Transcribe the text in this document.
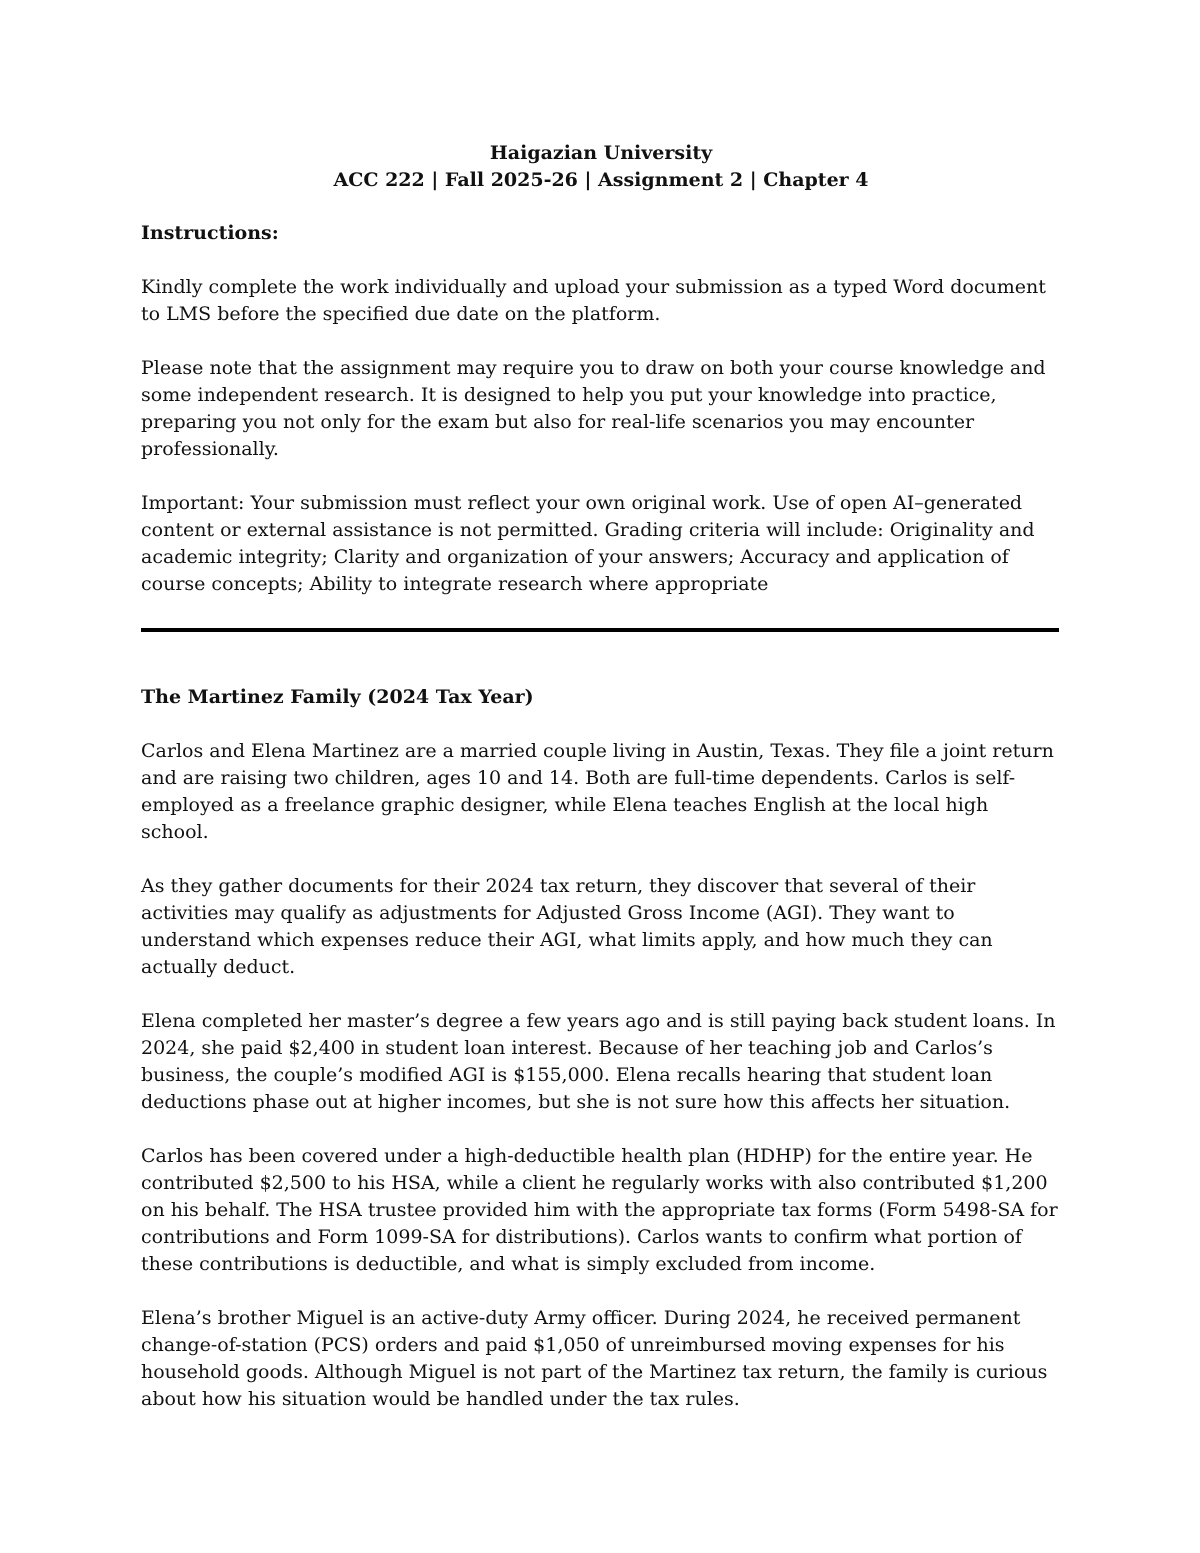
Haigazian University
ACC 222 | Fall 2025-26 | Assignment 2 | Chapter 4

Instructions:

Kindly complete the work individually and upload your submission as a typed Word document to LMS before the specified due date on the platform.

Please note that the assignment may require you to draw on both your course knowledge and some independent research. It is designed to help you put your knowledge into practice, preparing you not only for the exam but also for real-life scenarios you may encounter professionally.

Important: Your submission must reflect your own original work. Use of open AI–generated content or external assistance is not permitted. Grading criteria will include: Originality and academic integrity; Clarity and organization of your answers; Accuracy and application of course concepts; Ability to integrate research where appropriate

The Martinez Family (2024 Tax Year)

Carlos and Elena Martinez are a married couple living in Austin, Texas. They file a joint return and are raising two children, ages 10 and 14. Both are full-time dependents. Carlos is self-employed as a freelance graphic designer, while Elena teaches English at the local high school.

As they gather documents for their 2024 tax return, they discover that several of their activities may qualify as adjustments for Adjusted Gross Income (AGI). They want to understand which expenses reduce their AGI, what limits apply, and how much they can actually deduct.

Elena completed her master’s degree a few years ago and is still paying back student loans. In 2024, she paid $2,400 in student loan interest. Because of her teaching job and Carlos’s business, the couple’s modified AGI is $155,000. Elena recalls hearing that student loan deductions phase out at higher incomes, but she is not sure how this affects her situation.

Carlos has been covered under a high-deductible health plan (HDHP) for the entire year. He contributed $2,500 to his HSA, while a client he regularly works with also contributed $1,200 on his behalf. The HSA trustee provided him with the appropriate tax forms (Form 5498-SA for contributions and Form 1099-SA for distributions). Carlos wants to confirm what portion of these contributions is deductible, and what is simply excluded from income.

Elena’s brother Miguel is an active-duty Army officer. During 2024, he received permanent change-of-station (PCS) orders and paid $1,050 of unreimbursed moving expenses for his household goods. Although Miguel is not part of the Martinez tax return, the family is curious about how his situation would be handled under the tax rules.
